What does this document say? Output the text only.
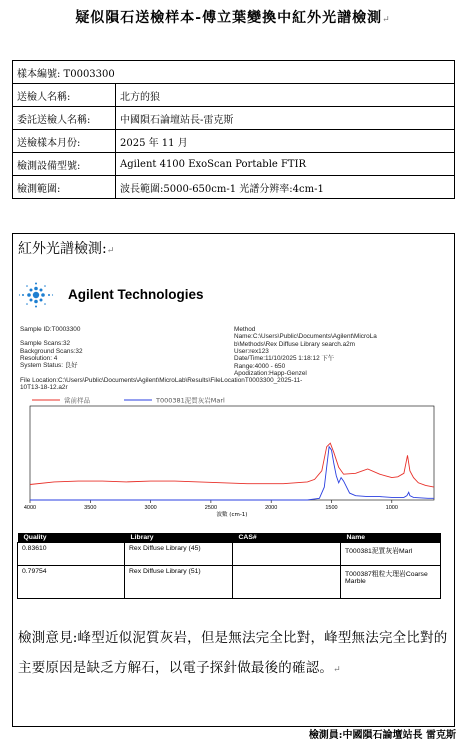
疑似隕石送檢样本-傅立葉變換中紅外光譜檢測↵
樣本編號: T0003300	
送檢人名稱:	北方的狼
委託送檢人名稱:	中國隕石論壇站長-雷克斯
送檢樣本月份:	2025 年 11 月
檢測設備型號:	Agilent 4100 ExoScan Portable FTIR
檢測範圍:	波長範圍:5000-650cm-1 光譜分辨率:4cm-1
紅外光譜檢測:↵
Agilent Technologies
Sample ID:T0003300
Sample Scans:32
Background Scans:32
Resolution: 4
System Status: 良好
Method
Name:C:\Users\Public\Documents\Agilent\MicroLa
b\Methods\Rex Diffuse Library search.a2m
User:rex123
Date/Time:11/10/2025 1:18:12 下午
Range:4000 - 650
Apodization:Happ-Genzel
File Location:C:\Users\Public\Documents\Agilent\MicroLab\Results\FileLocationT0003300_2025-11-
10T13-18-12.a2r
當前样品	T000381泥質灰岩Marl
4000	3500	3000	2500	2000	1500	1000
波數 (cm-1)
Quality	Library	CAS#	Name
0.83610	Rex Diffuse Library (45)		T000381泥質灰岩Marl
0.79754	Rex Diffuse Library (51)		T000387粗粒大理岩Coarse Marble
檢測意見:峰型近似泥質灰岩，但是無法完全比對，峰型無法完全比對的主要原因是缺乏方解石，以電子探針做最後的確認。↵
檢測員:中國隕石論壇站長 雷克斯
